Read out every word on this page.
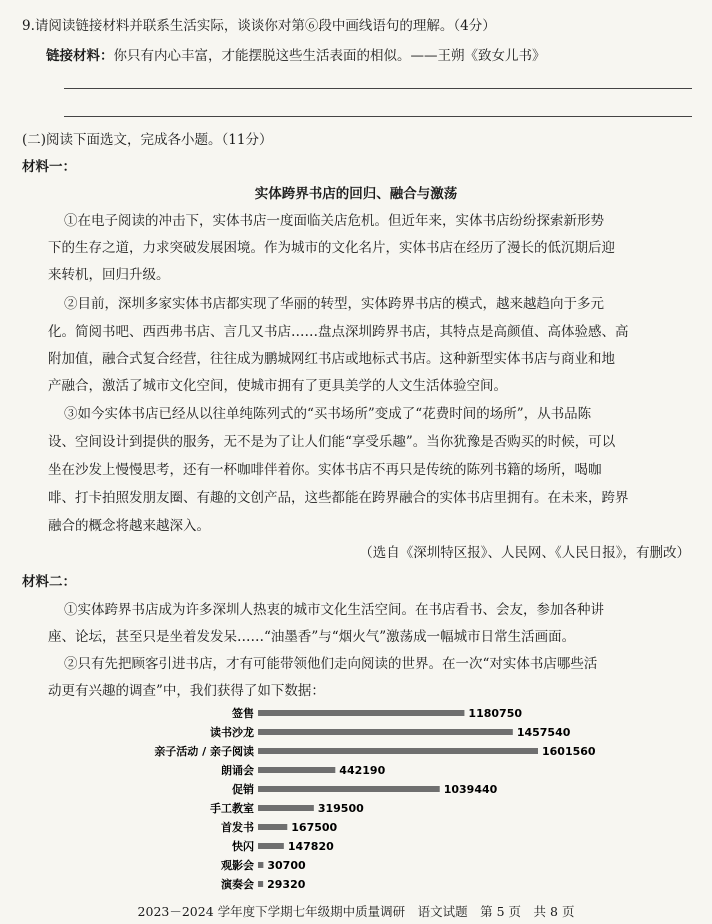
9.请阅读链接材料并联系生活实际，谈谈你对第⑥段中画线语句的理解。（4分）
链接材料：你只有内心丰富，才能摆脱这些生活表面的相似。——王朔《致女儿书》
(二)阅读下面选文，完成各小题。（11分）
材料一：
实体跨界书店的回归、融合与激荡
①在电子阅读的冲击下，实体书店一度面临关店危机。但近年来，实体书店纷纷探索新形势
下的生存之道，力求突破发展困境。作为城市的文化名片，实体书店在经历了漫长的低沉期后迎
来转机，回归升级。
②目前，深圳多家实体书店都实现了华丽的转型，实体跨界书店的模式，越来越趋向于多元
化。简阅书吧、西西弗书店、言几又书店……盘点深圳跨界书店，其特点是高颜值、高体验感、高
附加值，融合式复合经营，往往成为鹏城网红书店或地标式书店。这种新型实体书店与商业和地
产融合，激活了城市文化空间，使城市拥有了更具美学的人文生活体验空间。
③如今实体书店已经从以往单纯陈列式的“买书场所”变成了“花费时间的场所”，从书品陈
设、空间设计到提供的服务，无不是为了让人们能“享受乐趣”。当你犹豫是否购买的时候，可以
坐在沙发上慢慢思考，还有一杯咖啡伴着你。实体书店不再只是传统的陈列书籍的场所，喝咖
啡、打卡拍照发朋友圈、有趣的文创产品，这些都能在跨界融合的实体书店里拥有。在未来，跨界
融合的概念将越来越深入。
（选自《深圳特区报》、人民网、《人民日报》，有删改）
材料二：
①实体跨界书店成为许多深圳人热衷的城市文化生活空间。在书店看书、会友，参加各种讲
座、论坛，甚至只是坐着发发呆……“油墨香”与“烟火气”激荡成一幅城市日常生活画面。
②只有先把顾客引进书店，才有可能带领他们走向阅读的世界。在一次“对实体书店哪些活
动更有兴趣的调查”中，我们获得了如下数据：
签售	1180750
读书沙龙	1457540
亲子活动 / 亲子阅读	1601560
朗诵会	442190
促销	1039440
手工教室	319500
首发书	167500
快闪	147820
观影会 30700
演奏会 29320
2023－2024 学年度下学期七年级期中质量调研　语文试题　第 5 页　共 8 页
